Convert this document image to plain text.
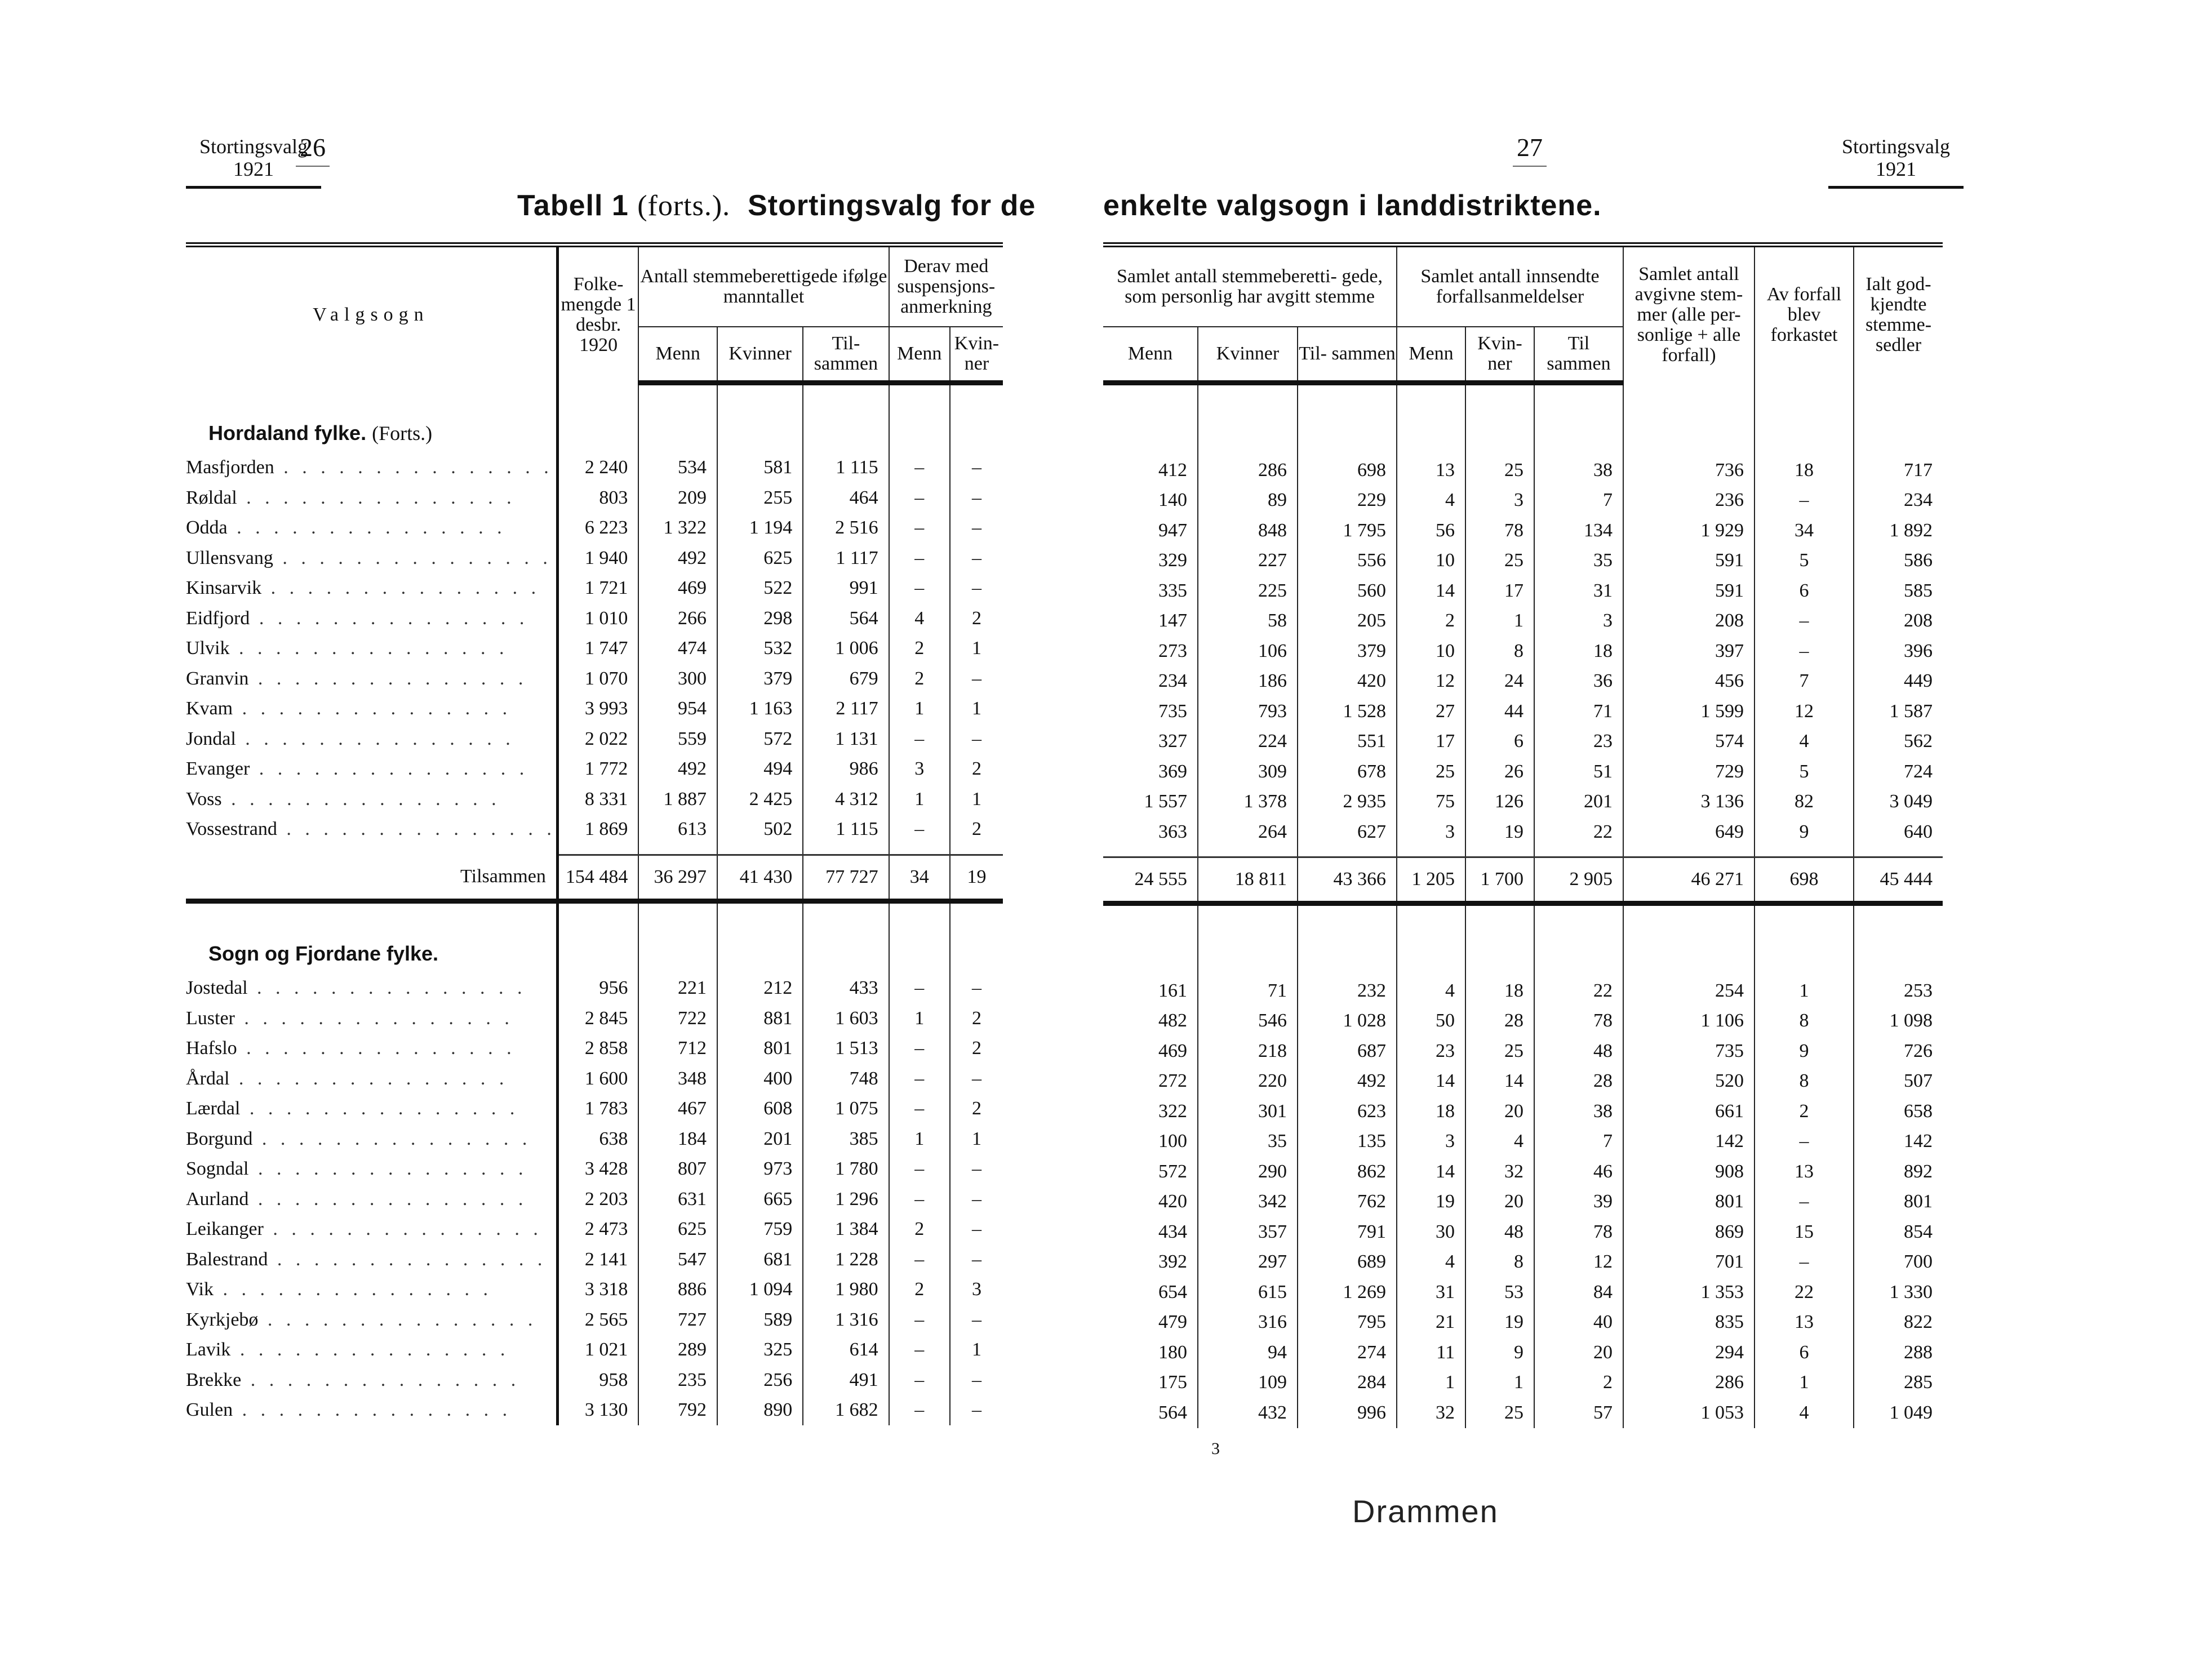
Stortingsvalg
1921
26
Tabell 1 (forts.). Stortingsvalg for de
Valgsogn	Folke- mengde 1 desbr. 1920	Antall stemmeberettigede ifølge manntallet			Derav med suspensjons- anmerkning	
		Menn	Kvinner	Til- sammen	Menn	Kvin- ner
Hordaland fylke. (Forts.)						
Masfjorden . . . . . . . . . . . . . . .	2 240	534	581	1 115	–	–
Røldal . . . . . . . . . . . . . . .	803	209	255	464	–	–
Odda . . . . . . . . . . . . . . .	6 223	1 322	1 194	2 516	–	–
Ullensvang . . . . . . . . . . . . . . .	1 940	492	625	1 117	–	–
Kinsarvik . . . . . . . . . . . . . . .	1 721	469	522	991	–	–
Eidfjord . . . . . . . . . . . . . . .	1 010	266	298	564	4	2
Ulvik . . . . . . . . . . . . . . .	1 747	474	532	1 006	2	1
Granvin . . . . . . . . . . . . . . .	1 070	300	379	679	2	–
Kvam . . . . . . . . . . . . . . .	3 993	954	1 163	2 117	1	1
Jondal . . . . . . . . . . . . . . .	2 022	559	572	1 131	–	–
Evanger . . . . . . . . . . . . . . .	1 772	492	494	986	3	2
Voss . . . . . . . . . . . . . . .	8 331	1 887	2 425	4 312	1	1
Vossestrand . . . . . . . . . . . . . . .	1 869	613	502	1 115	–	2

Tilsammen	154 484	36 297	41 430	77 727	34	19

Sogn og Fjordane fylke.						
Jostedal . . . . . . . . . . . . . . .	956	221	212	433	–	–
Luster . . . . . . . . . . . . . . .	2 845	722	881	1 603	1	2
Hafslo . . . . . . . . . . . . . . .	2 858	712	801	1 513	–	2
Årdal . . . . . . . . . . . . . . .	1 600	348	400	748	–	–
Lærdal . . . . . . . . . . . . . . .	1 783	467	608	1 075	–	2
Borgund . . . . . . . . . . . . . . .	638	184	201	385	1	1
Sogndal . . . . . . . . . . . . . . .	3 428	807	973	1 780	–	–
Aurland . . . . . . . . . . . . . . .	2 203	631	665	1 296	–	–
Leikanger . . . . . . . . . . . . . . .	2 473	625	759	1 384	2	–
Balestrand . . . . . . . . . . . . . . .	2 141	547	681	1 228	–	–
Vik . . . . . . . . . . . . . . .	3 318	886	1 094	1 980	2	3
Kyrkjebø . . . . . . . . . . . . . . .	2 565	727	589	1 316	–	–
Lavik . . . . . . . . . . . . . . .	1 021	289	325	614	–	1
Brekke . . . . . . . . . . . . . . .	958	235	256	491	–	–
Gulen . . . . . . . . . . . . . . .	3 130	792	890	1 682	–	–
27	Stortingsvalg
1921
enkelte valgsogn i landdistriktene.
Samlet antall stemmeberetti- gede, som personlig har avgitt stemme			Samlet antall innsendte forfallsanmeldelser			Samlet antall avgivne stem- mer (alle per- sonlige + alle forfall)	Av forfall blev forkastet	Ialt god- kjendte stemme- sedler
Menn	Kvinner	Til- sammen	Menn	Kvin- ner	Til sammen			

412	286	698	13	25	38	736	18	717
140	89	229	4	3	7	236	–	234
947	848	1 795	56	78	134	1 929	34	1 892
329	227	556	10	25	35	591	5	586
335	225	560	14	17	31	591	6	585
147	58	205	2	1	3	208	–	208
273	106	379	10	8	18	397	–	396
234	186	420	12	24	36	456	7	449
735	793	1 528	27	44	71	1 599	12	1 587
327	224	551	17	6	23	574	4	562
369	309	678	25	26	51	729	5	724
1 557	1 378	2 935	75	126	201	3 136	82	3 049
363	264	627	3	19	22	649	9	640

24 555	18 811	43 366	1 205	1 700	2 905	46 271	698	45 444

161	71	232	4	18	22	254	1	253
482	546	1 028	50	28	78	1 106	8	1 098
469	218	687	23	25	48	735	9	726
272	220	492	14	14	28	520	8	507
322	301	623	18	20	38	661	2	658
100	35	135	3	4	7	142	–	142
572	290	862	14	32	46	908	13	892
420	342	762	19	20	39	801	–	801
434	357	791	30	48	78	869	15	854
392	297	689	4	8	12	701	–	700
654	615	1 269	31	53	84	1 353	22	1 330
479	316	795	21	19	40	835	13	822
180	94	274	11	9	20	294	6	288
175	109	284	1	1	2	286	1	285
564	432	996	32	25	57	1 053	4	1 049
3
Drammen
